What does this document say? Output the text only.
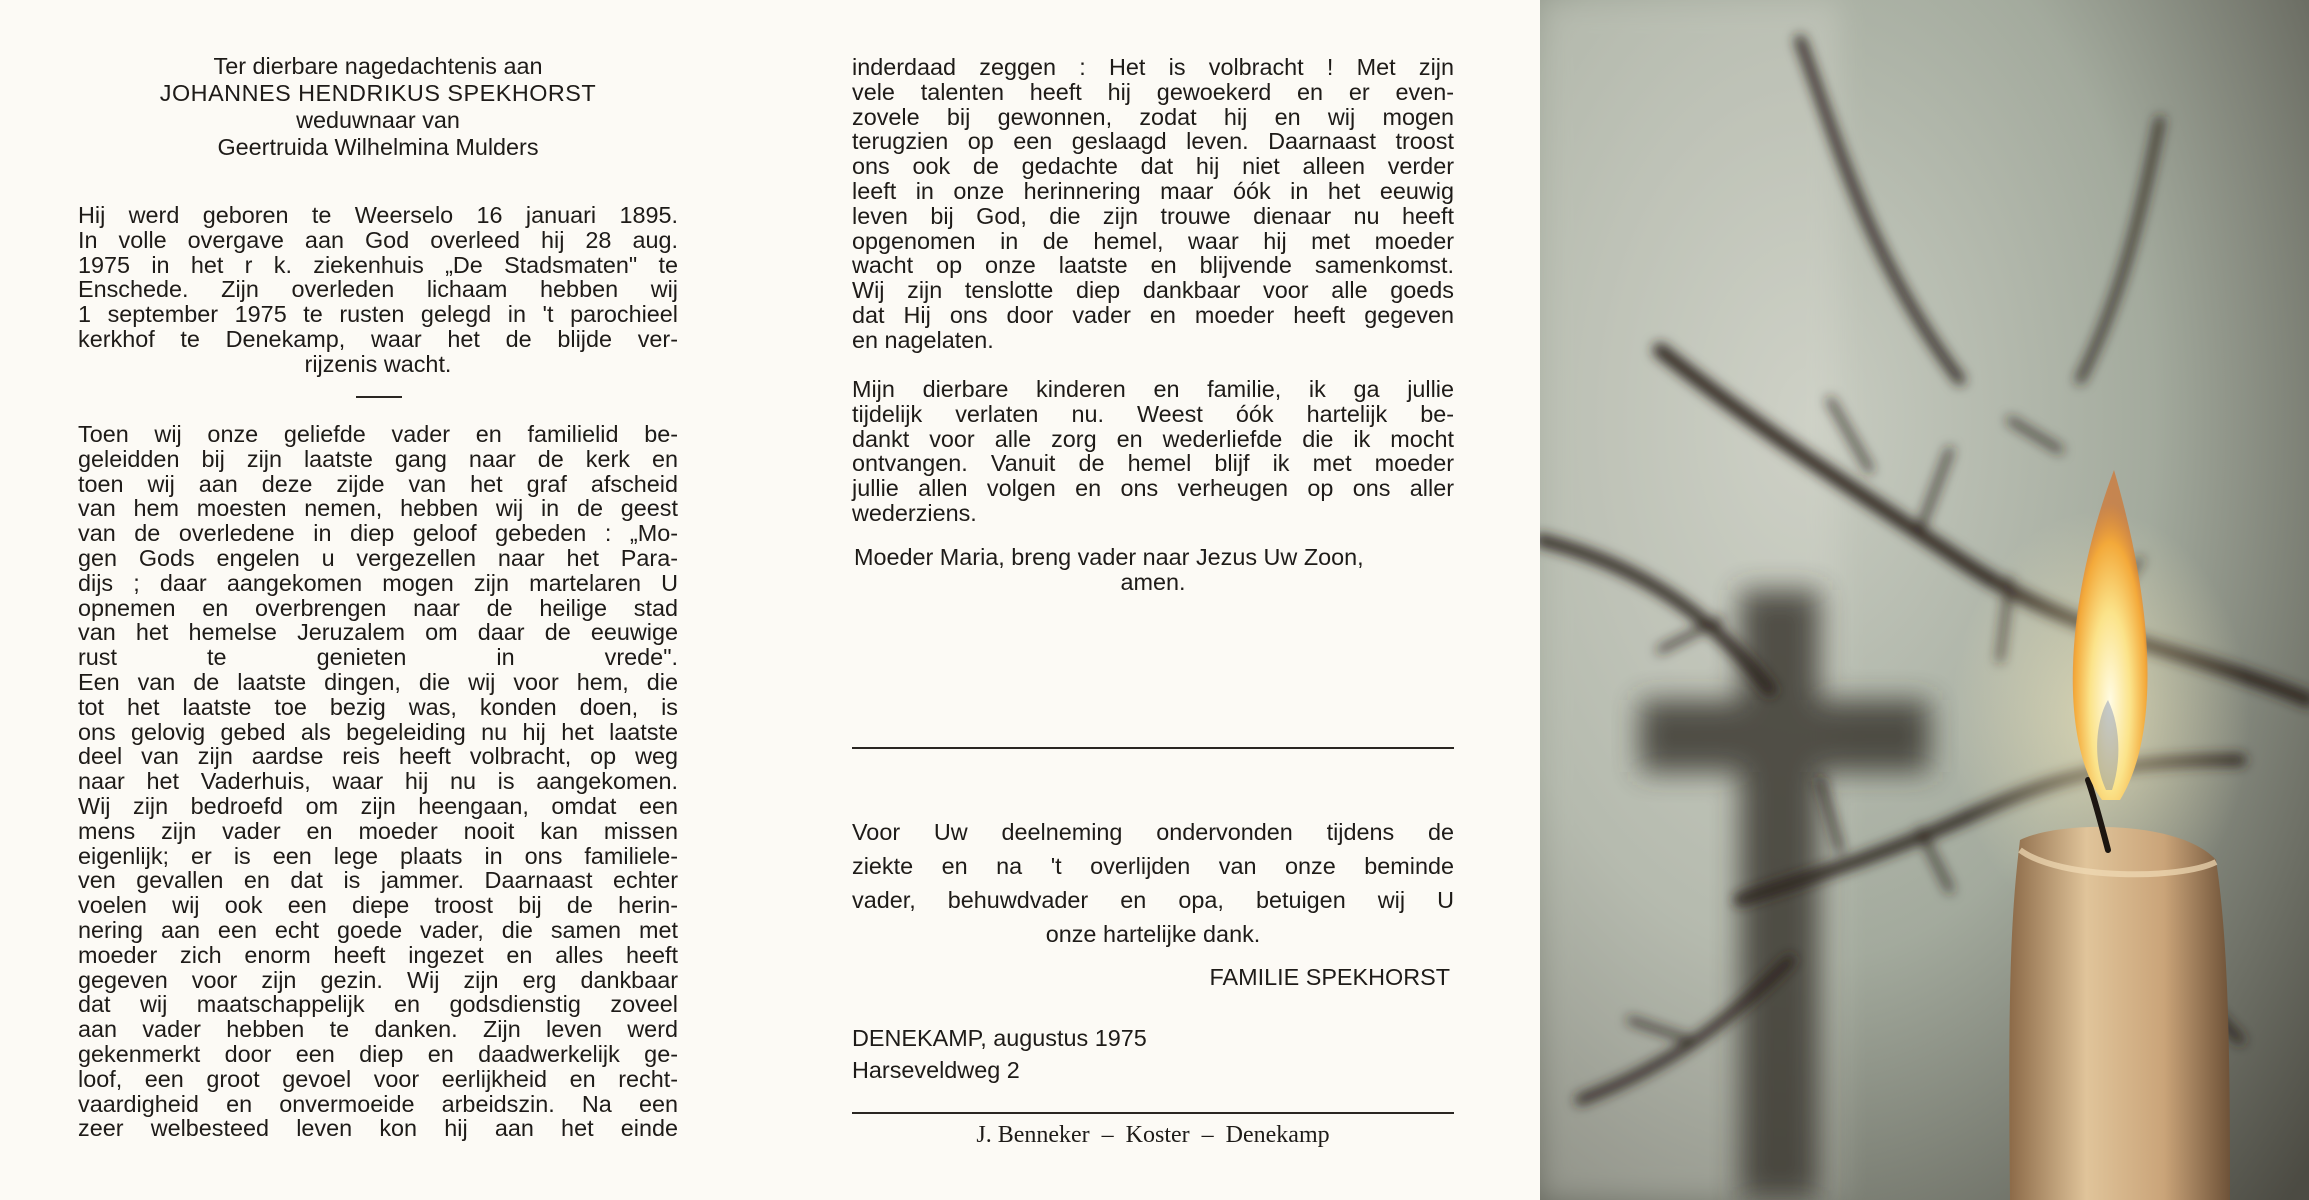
Ter dierbare nagedachtenis aan
JOHANNES HENDRIKUS SPEKHORST
weduwnaar van
Geertruida Wilhelmina Mulders
Hij werd geboren te Weerselo 16 januari 1895.
In volle overgave aan God overleed hij 28 aug.
1975 in het r k. ziekenhuis „De Stadsmaten" te
Enschede. Zijn overleden lichaam hebben wij
1 september 1975 te rusten gelegd in 't parochieel
kerkhof te Denekamp, waar het de blijde ver-
rijzenis wacht.
Toen wij onze geliefde vader en familielid be-
geleidden bij zijn laatste gang naar de kerk en
toen wij aan deze zijde van het graf afscheid
van hem moesten nemen, hebben wij in de geest
van de overledene in diep geloof gebeden : „Mo-
gen Gods engelen u vergezellen naar het Para-
dijs ; daar aangekomen mogen zijn martelaren U
opnemen en overbrengen naar de heilige stad
van het hemelse Jeruzalem om daar de eeuwige
rust te genieten in vrede".
Een van de laatste dingen, die wij voor hem, die
tot het laatste toe bezig was, konden doen, is
ons gelovig gebed als begeleiding nu hij het laatste
deel van zijn aardse reis heeft volbracht, op weg
naar het Vaderhuis, waar hij nu is aangekomen.
Wij zijn bedroefd om zijn heengaan, omdat een
mens zijn vader en moeder nooit kan missen
eigenlijk; er is een lege plaats in ons familiele-
ven gevallen en dat is jammer. Daarnaast echter
voelen wij ook een diepe troost bij de herin-
nering aan een echt goede vader, die samen met
moeder zich enorm heeft ingezet en alles heeft
gegeven voor zijn gezin. Wij zijn erg dankbaar
dat wij maatschappelijk en godsdienstig zoveel
aan vader hebben te danken. Zijn leven werd
gekenmerkt door een diep en daadwerkelijk ge-
loof, een groot gevoel voor eerlijkheid en recht-
vaardigheid en onvermoeide arbeidszin. Na een
zeer welbesteed leven kon hij aan het einde
inderdaad zeggen : Het is volbracht ! Met zijn
vele talenten heeft hij gewoekerd en er even-
zovele bij gewonnen, zodat hij en wij mogen
terugzien op een geslaagd leven. Daarnaast troost
ons ook de gedachte dat hij niet alleen verder
leeft in onze herinnering maar óók in het eeuwig
leven bij God, die zijn trouwe dienaar nu heeft
opgenomen in de hemel, waar hij met moeder
wacht op onze laatste en blijvende samenkomst.
Wij zijn tenslotte diep dankbaar voor alle goeds
dat Hij ons door vader en moeder heeft gegeven
en nagelaten.
Mijn dierbare kinderen en familie, ik ga jullie
tijdelijk verlaten nu. Weest óók hartelijk be-
dankt voor alle zorg en wederliefde die ik mocht
ontvangen. Vanuit de hemel blijf ik met moeder
jullie allen volgen en ons verheugen op ons aller
wederziens.
Moeder Maria, breng vader naar Jezus Uw Zoon,
amen.
Voor Uw deelneming ondervonden tijdens de
ziekte en na 't overlijden van onze beminde
vader, behuwdvader en opa, betuigen wij U
onze hartelijke dank.
FAMILIE SPEKHORST
DENEKAMP, augustus 1975
Harseveldweg 2
J. Benneker  –  Koster  –  Denekamp
